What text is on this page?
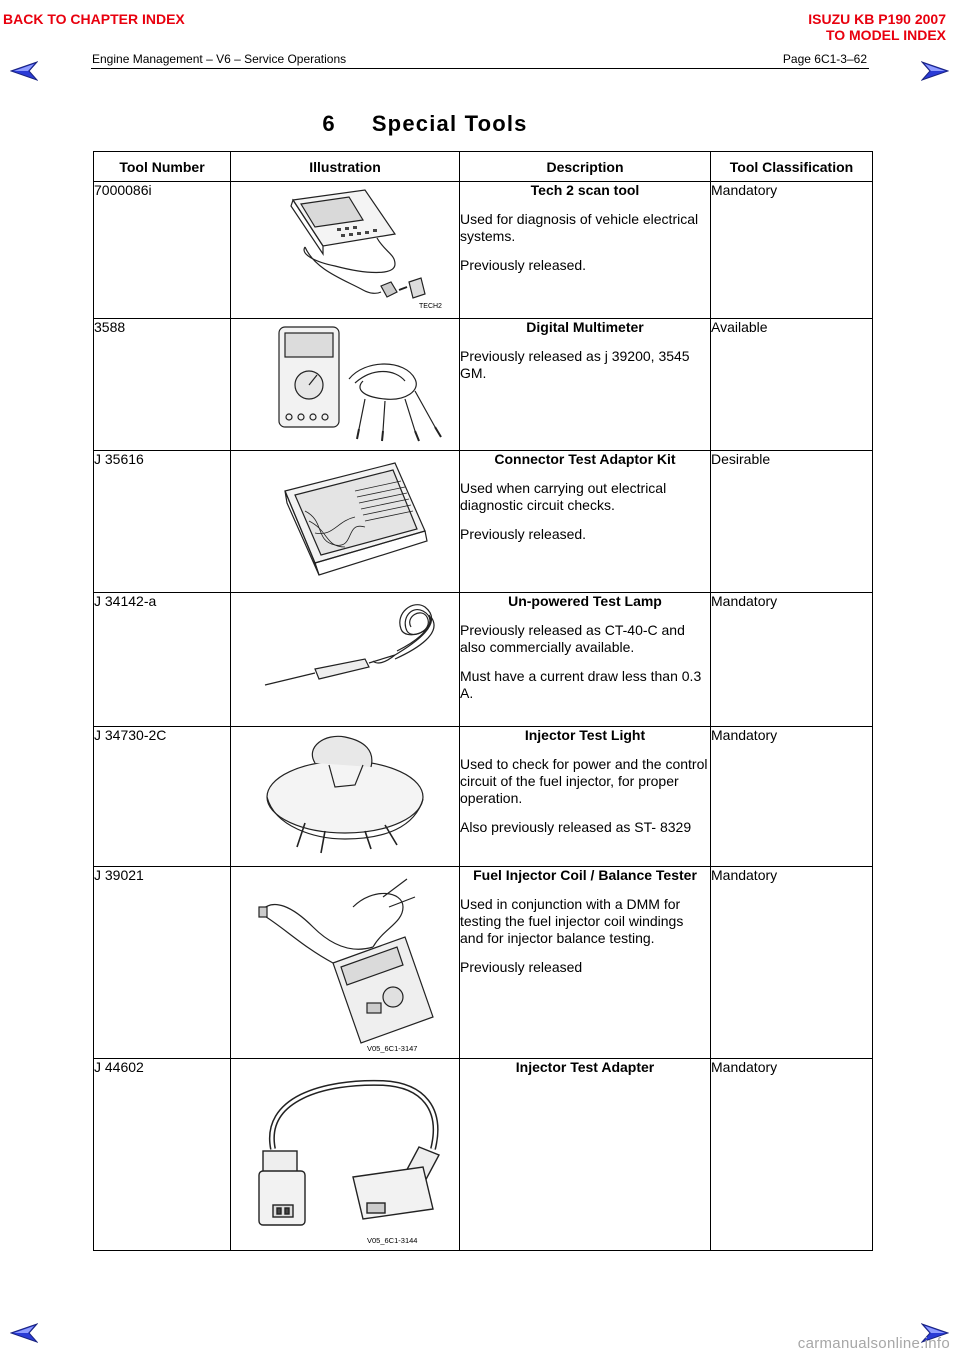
BACK TO CHAPTER INDEX	ISUZU KB P190 2007
TO MODEL INDEX
Engine Management – V6 – Service Operations	Page 6C1-3–62
6 Special Tools
Tool Number	Illustration	Description	Tool Classification
7000086i	TECH2	Tech 2 scan tool

Used for diagnosis of vehicle electrical systems.

Previously released.	Mandatory
3588		Digital Multimeter

Previously released as j 39200, 3545 GM.	Available
J 35616		Connector Test Adaptor Kit

Used when carrying out electrical diagnostic circuit checks.

Previously released.	Desirable
J 34142-a		Un-powered Test Lamp

Previously released as CT-40-C and also commercially available.

Must have a current draw less than 0.3 A.	Mandatory
J 34730-2C		Injector Test Light

Used to check for power and the control circuit of the fuel injector, for proper operation.

Also previously released as ST- 8329	Mandatory
J 39021	V05_6C1-3147	Fuel Injector Coil / Balance Tester

Used in conjunction with a DMM for testing the fuel injector coil windings and for injector balance testing.

Previously released	Mandatory
J 44602	V05_6C1-3144	Injector Test Adapter	Mandatory
carmanualsonline.info
